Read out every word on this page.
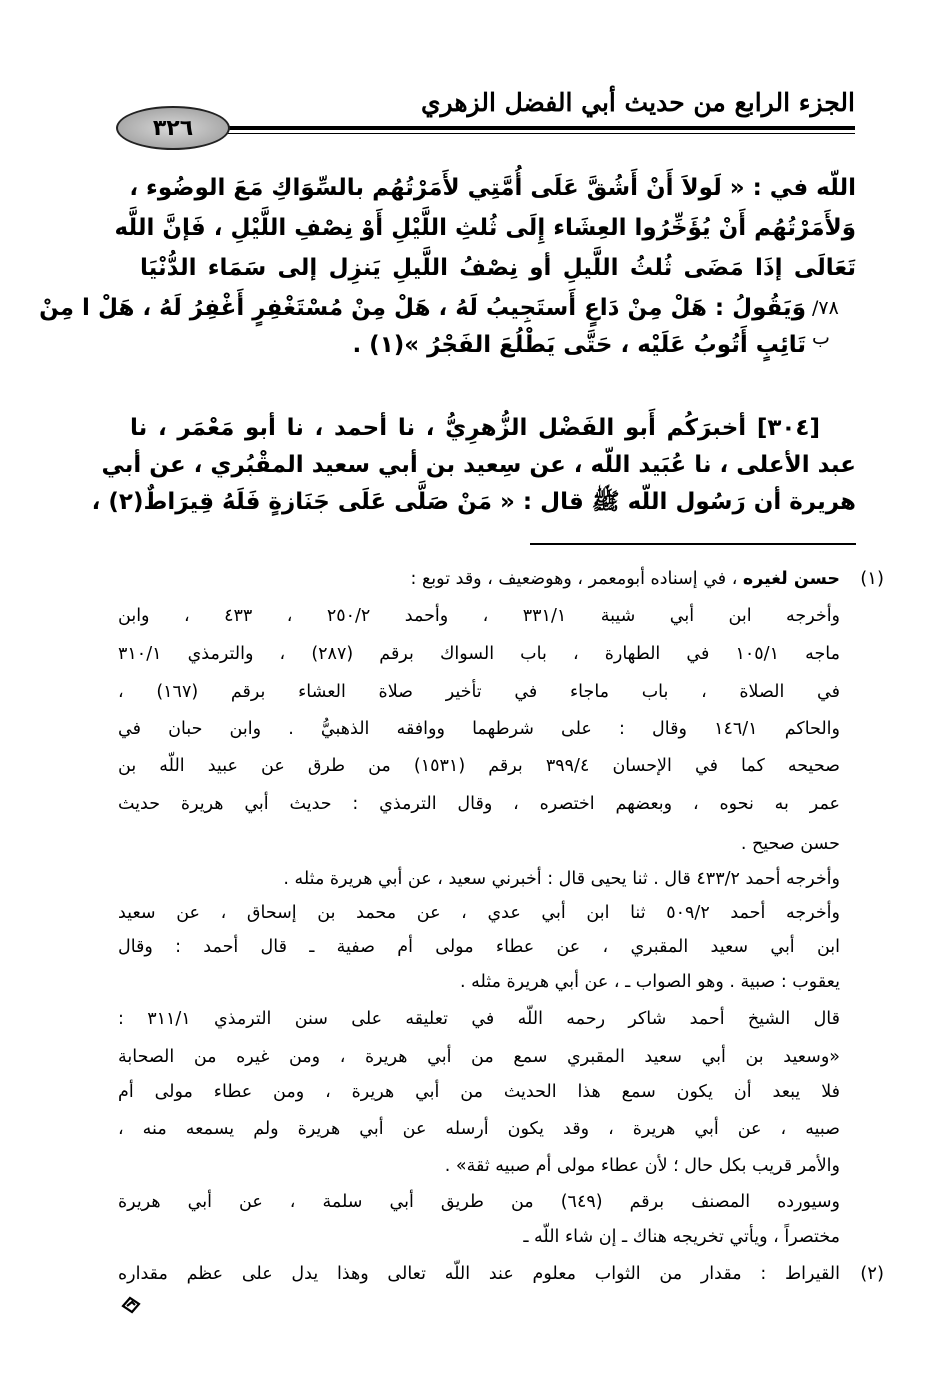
الجزء الرابع من حديث أبي الفضل الزهري
٣٢٦
اللّه في : « لَولاَ أَنْ أَشُقَّ عَلَى أُمَّتِي لأَمَرْتُهُم بالسِّوَاكِ مَعَ الوضُوء ،
وَلأَمَرْتُهُم أَنْ يُؤَخِّرُوا العِشَاء إِلَى ثُلثِ اللَّيْلِ أَوْ نِصْفِ اللَّيْلِ ، فَإنَّ اللَّه
تَعَالَى إذَا مَضَى ثُلثُ اللَّيلِ أو نِصْفُ اللَّيلِ يَنزِل إلى سَمَاء الدُّنْيَا
وَيَقُولُ : هَلْ مِنْ دَاعٍ أَستَجِيبُ لَهُ ، هَلْ مِنْ مُسْتَغْفِرٍ أَغْفِرُ لَهُ ، هَلْ ا مِنْ
تَائِبٍ أَتُوبُ عَلَيْه ، حَتَّى يَطْلُعَ الفَجْرُ »(١) .
٧٨/ب
[٣٠٤] أخبرَكُم أَبو الفَضْل الزُّهرِيُّ ، نا أحمد ، نا أبو مَعْمَر ، نا
عبد الأعلى ، نا عُبَيد اللّه ، عن سِعيد بن أبي سعيد المقْبُري ، عن أبي
هريرة أن رَسُول اللّه ﷺ قال : « مَنْ صَلَّى عَلَى جَنَازةٍ فَلَهُ قِيرَاطٌ(٢) ،
(١)
حسن لغيره ، في إسناده أبومعمر ، وهوضعيف ، وقد توبع :
وأخرجه ابن أبي شيبة ٣٣١/١ ، وأحمد ٢٥٠/٢ ، ٤٣٣ ، وابن
ماجه ١٠٥/١ في الطهارة ، باب السواك برقم (٢٨٧) ، والترمذي ٣١٠/١
في الصلاة ، باب ماجاء في تأخير صلاة العشاء برقم (١٦٧) ،
والحاكم ١٤٦/١ وقال : على شرطهما ووافقه الذهبيُّ . وابن حبان في
صحيحه كما في الإحسان ٣٩٩/٤ برقم (١٥٣١) من طرق عن عبيد اللّه بن
عمر به نحوه ، وبعضهم اختصره ، وقال الترمذي : حديث أبي هريرة حديث
حسن صحيح .
وأخرجه أحمد ٤٣٣/٢ قال . ثنا يحيى قال : أخبرني سعيد ، عن أبي هريرة مثله .
وأخرجه أحمد ٥٠٩/٢ ثنا ابن أبي عدي ، عن محمد بن إسحاق ، عن سعيد
ابن أبي سعيد المقبري ، عن عطاء مولى أم صفية ـ قال أحمد : وقال
يعقوب : صبية . وهو الصواب ـ ، عن أبي هريرة مثله .
قال الشيخ أحمد شاكر رحمه اللّه في تعليقه على سنن الترمذي ٣١١/١ :
«وسعيد بن أبي سعيد المقبري سمع من أبي هريرة ، ومن غيره من الصحابة
فلا يبعد أن يكون سمع هذا الحديث من أبي هريرة ، ومن عطاء مولى أم
صبيه ، عن أبي هريرة ، وقد يكون أرسله عن أبي هريرة ولم يسمعه منه ،
والأمر قريب بكل حال ؛ لأن عطاء مولى أم صبيه ثقة» .
وسيورده المصنف برقم (٦٤٩) من طريق أبي سلمة ، عن أبي هريرة
مختصراً ، ويأتي تخريجه هناك ـ إن شاء اللّه ـ
(٢)
القيراط : مقدار من الثواب معلوم عند اللّه تعالى وهذا يدل على عظم مقداره
